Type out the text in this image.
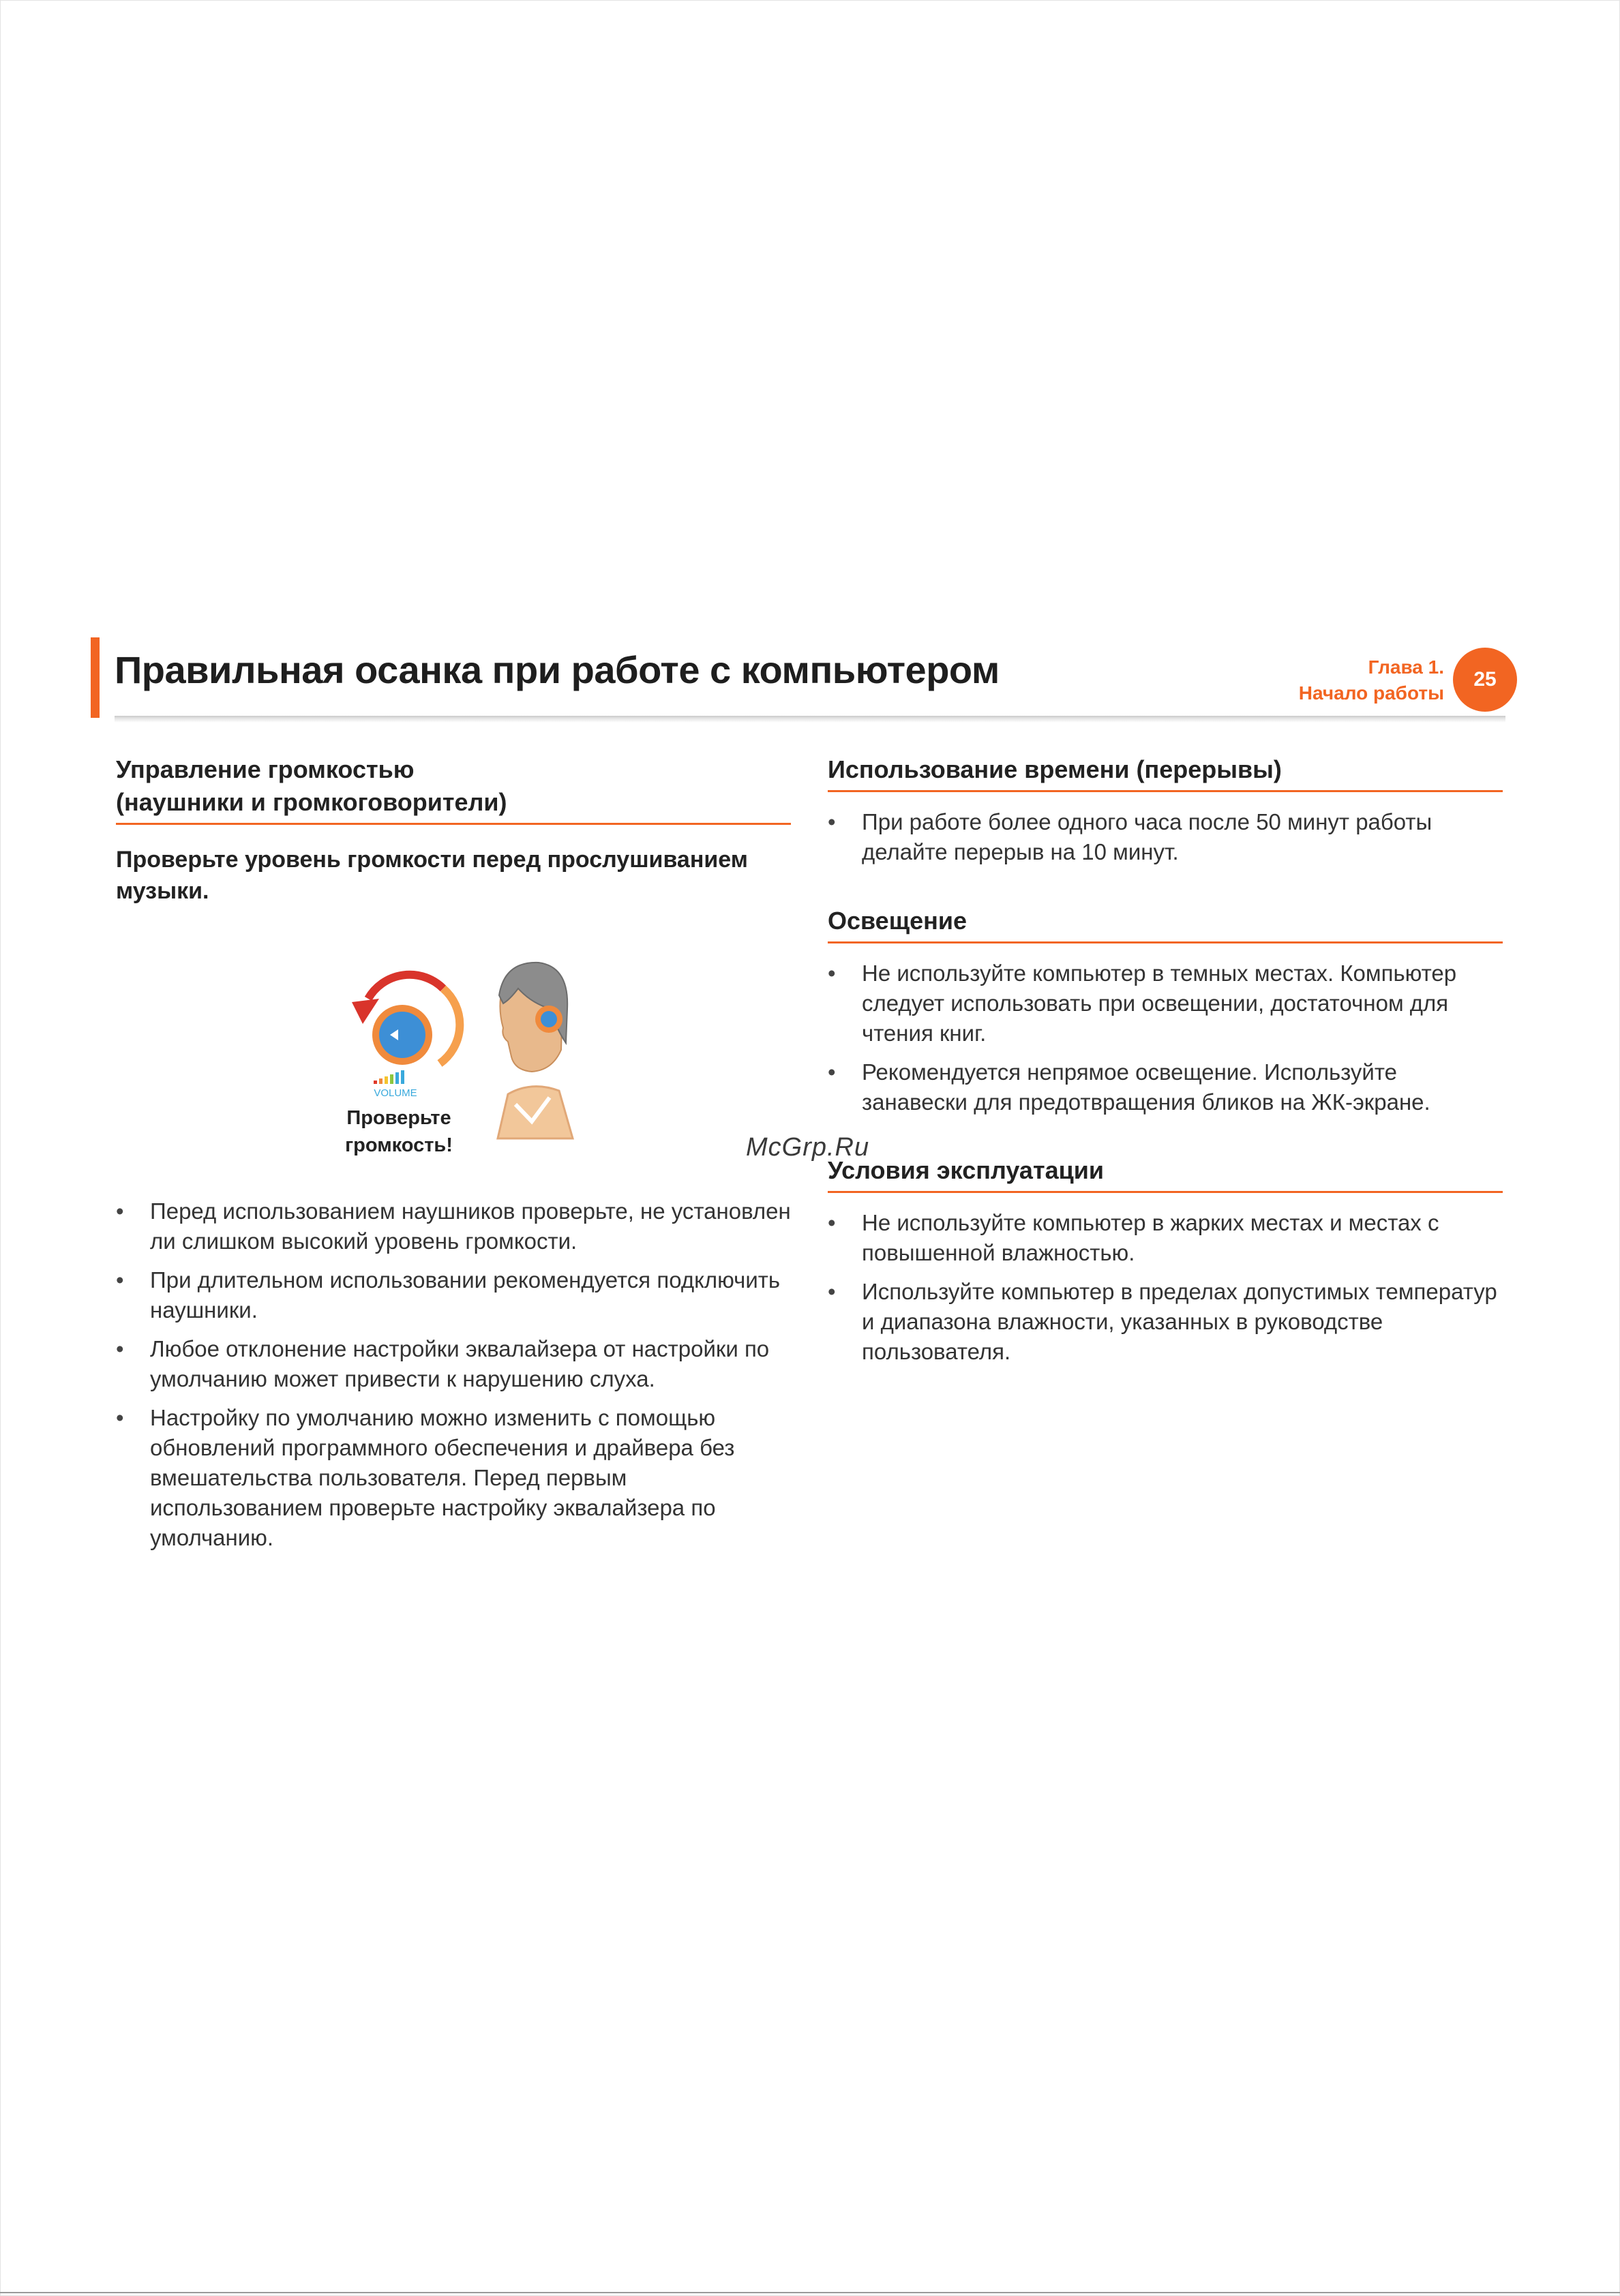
Правильная осанка при работе с компьютером	Глава 1.
Начало работы
25
Управление громкостью
(наушники и громкоговорители)
Проверьте уровень громкости перед прослушиванием музыки.
• Перед использованием наушников проверьте, не установлен ли слишком высокий уровень громкости.
• При длительном использовании рекомендуется подключить наушники.
• Любое отклонение настройки эквалайзера от настройки по умолчанию может привести к нарушению слуха.
• Настройку по умолчанию можно изменить с помощью обновлений программного обеспечения и драйвера без вмешательства пользователя. Перед первым использованием проверьте настройку эквалайзера по умолчанию.
VOLUME
Проверьте
громкость!
Использование времени (перерывы)
• При работе более одного часа после 50 минут работы делайте перерыв на 10 минут.
Освещение
• Не используйте компьютер в темных местах. Компьютер следует использовать при освещении, достаточном для чтения книг.
• Рекомендуется непрямое освещение. Используйте занавески для предотвращения бликов на ЖК-экране.
Условия эксплуатации
• Не используйте компьютер в жарких местах и местах с повышенной влажностью.
• Используйте компьютер в пределах допустимых температур и диапазона влажности, указанных в руководстве пользователя.
McGrp.Ru
